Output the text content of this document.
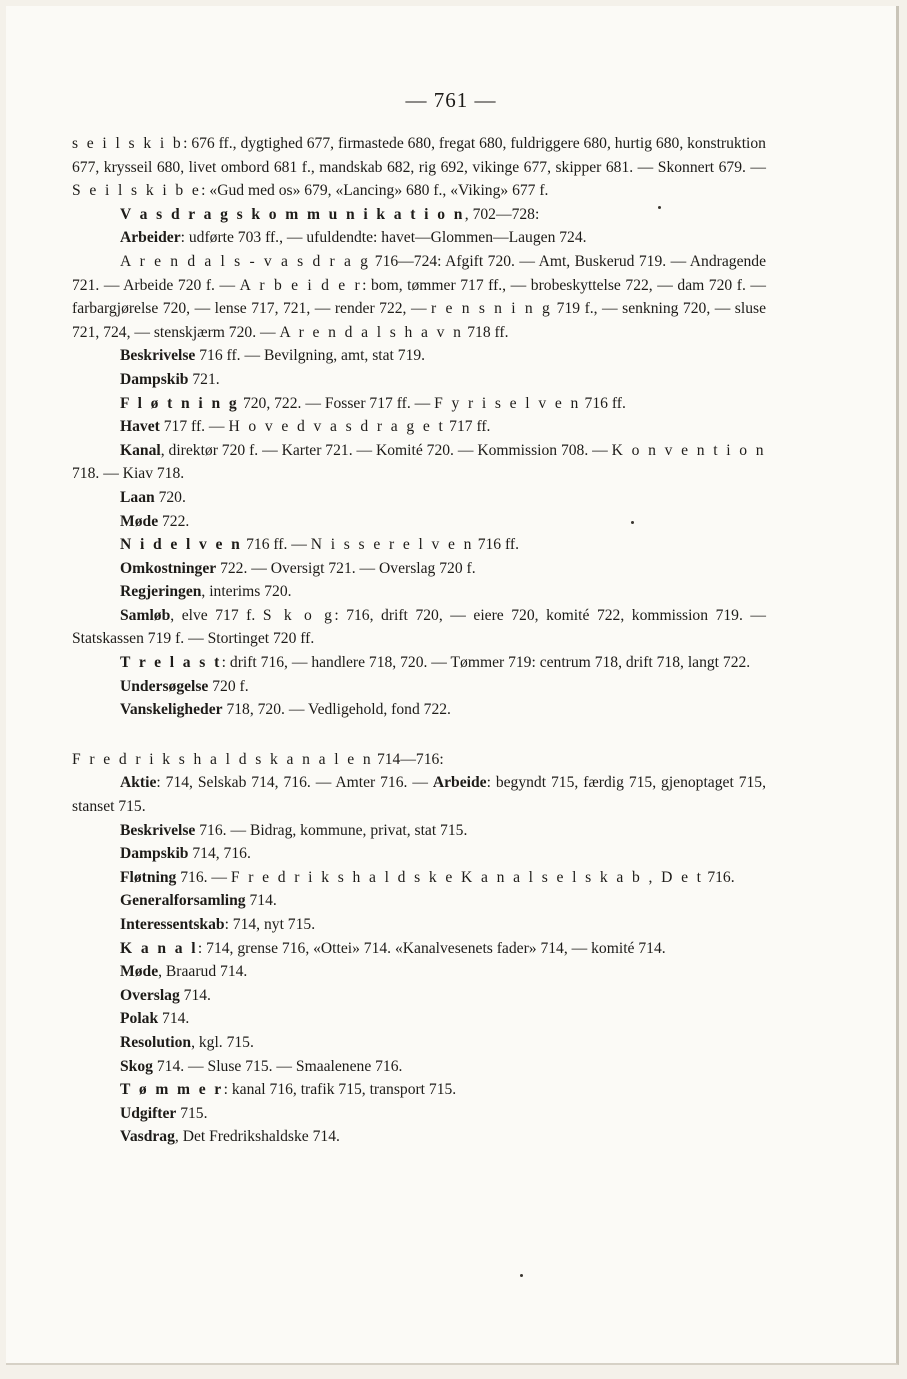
— 761 —
s e i l s k i b: 676 ff., dygtighed 677, firmastede 680, fregat 680, fuldriggere 680, hurtig 680, konstruktion 677, krysseil 680, livet ombord 681 f., mandskab 682, rig 692, vikinge 677, skipper 681. — Skonnert 679. — S e i l s k i b e: «Gud med os» 679, «Lancing» 680 f., «Viking» 677 f.
V a s d r a g s k o m m u n i k a t i o n, 702—728:
Arbeider: udførte 703 ff., — ufuldendte: havet—Glommen—Laugen 724.
A r e n d a l s - v a s d r a g 716—724: Afgift 720. — Amt, Buskerud 719. — Andragende 721. — Arbeide 720 f. — A r b e i d e r: bom, tømmer 717 ff., — brobeskyttelse 722, — dam 720 f. — farbargjørelse 720, — lense 717, 721, — render 722, — r e n s n i n g 719 f., — senkning 720, — sluse 721, 724, — stenskjærm 720. — A r e n d a l s h a v n 718 ff.
Beskrivelse 716 ff. — Bevilgning, amt, stat 719.
Dampskib 721.
F l ø t n i n g 720, 722. — Fosser 717 ff. — F y r i s e l v e n 716 ff.
Havet 717 ff. — H o v e d v a s d r a g e t 717 ff.
Kanal, direktør 720 f. — Karter 721. — Komité 720. — Kommission 708. — K o n v e n t i o n 718. — Kiav 718.
Laan 720.
Møde 722.
N i d e l v e n 716 ff. — N i s s e r e l v e n 716 ff.
Omkostninger 722. — Oversigt 721. — Overslag 720 f.
Regjeringen, interims 720.
Samløb, elve 717 f. S k o g: 716, drift 720, — eiere 720, komité 722, kommission 719. — Statskassen 719 f. — Stortinget 720 ff.
T r e l a s t: drift 716, — handlere 718, 720. — Tømmer 719: centrum 718, drift 718, langt 722.
Undersøgelse 720 f.
Vanskeligheder 718, 720. — Vedligehold, fond 722.
F r e d r i k s h a l d s k a n a l e n 714—716:
Aktie: 714, Selskab 714, 716. — Amter 716. — Arbeide: begyndt 715, færdig 715, gjenoptaget 715, stanset 715.
Beskrivelse 716. — Bidrag, kommune, privat, stat 715.
Dampskib 714, 716.
Fløtning 716. — F r e d r i k s h a l d s k e K a n a l s e l s k a b , D e t 716.
Generalforsamling 714.
Interessentskab: 714, nyt 715.
K a n a l: 714, grense 716, «Ottei» 714. «Kanalvesenets fader» 714, — komité 714.
Møde, Braarud 714.
Overslag 714.
Polak 714.
Resolution, kgl. 715.
Skog 714. — Sluse 715. — Smaalenene 716.
T ø m m e r: kanal 716, trafik 715, transport 715.
Udgifter 715.
Vasdrag, Det Fredrikshaldske 714.
